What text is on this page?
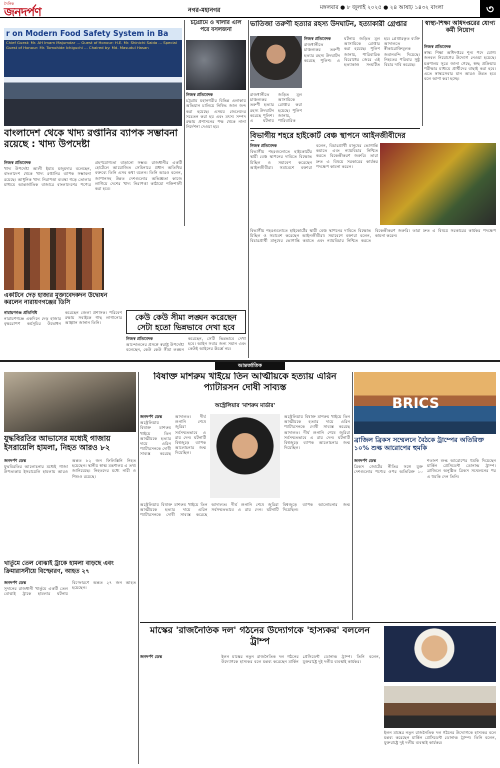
দৈনিক
জনদর্পণ	নগর-মহানগর	মঙ্গলবার ● ৮ জুলাই ২০২৫ ● ২৪ আষাঢ় ১৪৩২ বাংলা	৩
r on Modern Food Safety System in Ba
Chief Guest: Mr. AH Imam Majumdar ... Guest of Honour: H.E. Mr. Shinichi Saida ... Special Guest of Honour: Mr. Tomohide Ichiguchi ... Chaired by: Md. Masudul Hasan
বাংলাদেশ থেকে খাদ্য রপ্তানির ব্যাপক সম্ভাবনা রয়েছে : খাদ্য উপদেষ্টা
নিজস্ব প্রতিবেদক
খাদ্য উপদেষ্টা আলী ইমাম মজুমদার বলেছেন, বাংলাদেশ থেকে খাদ্য রপ্তানির ব্যাপক সম্ভাবনা রয়েছে। আধুনিক খাদ্য নিরাপত্তা ব্যবস্থা গড়ে তোলার মাধ্যমে আন্তর্জাতিক বাজারে বাংলাদেশের পণ্যের গ্রহণযোগ্যতা বাড়ানো সম্ভব। রাজধানীর একটি হোটেলে আয়োজিত সেমিনারে প্রধান অতিথির বক্তব্যে তিনি এসব কথা বলেন। তিনি আরও বলেন, জাপানসহ উন্নত দেশগুলোর অভিজ্ঞতা কাজে লাগিয়ে দেশের খাদ্য নিরাপত্তা কাঠামো শক্তিশালী করা হবে।
চট্টগ্রামে ও খালার এলি পরে বসলজনা
নিজস্ব প্রতিবেদক
চট্টগ্রাম মহানগরীর বিভিন্ন এলাকায় অভিযান চালিয়ে নিষিদ্ধ জাল জব্দ করা হয়েছে। এসময় জেলেদের সচেতন করা হয় এবং মৎস্য সম্পদ রক্ষায় প্রশাসনের পক্ষ থেকে নানা নির্দেশনা দেওয়া হয়।
ভাতিজা তরুণী হত্যার রহস্য উদঘাটন, হত্যাকারী গ্রেপ্তার
নিজস্ব প্রতিবেদক
রাজধানীতে চাঞ্চল্যকর তরুণী হত্যার রহস্য উদঘাটন করেছে পুলিশ। এ ঘটনায় জড়িত মূল আসামিকে গ্রেপ্তার করা হয়েছে। পুলিশ জানায়, পারিবারিক বিরোধের জেরে এই হত্যাকাণ্ড সংঘটিত হয়। গ্রেপ্তারকৃত ব্যক্তি আদালতে স্বীকারোক্তিমূলক জবানবন্দি দিয়েছে। নিহতের পরিবার সুষ্ঠু বিচার দাবি করেছে।
রাজধানীতে চাঞ্চল্যকর তরুণী হত্যার রহস্য উদঘাটন করেছে পুলিশ। এ ঘটনায় জড়িত মূল আসামিকে গ্রেপ্তার করা হয়েছে। পুলিশ জানায়, পারিবারিক
স্বাস্থ্য-শিক্ষা অধিদপ্তরের যোগ্য কর্মী নিয়োগ
নিজস্ব প্রতিবেদক
স্বাস্থ্য শিক্ষা অধিদপ্তরে শূন্য পদে যোগ্য জনবল নিয়োগের উদ্যোগ নেওয়া হয়েছে। মন্ত্রণালয় সূত্রে জানা গেছে, স্বচ্ছ প্রক্রিয়ায় পরীক্ষার মাধ্যমে প্রার্থীদের বাছাই করা হবে। এতে স্বাস্থ্যসেবার মান আরও উন্নত হবে বলে আশা করা হচ্ছে।
বিভাগীয় শহরে হাইকোর্ট বেঞ্চ স্থাপনে আইনজীবীদের
নিজস্ব প্রতিবেদক
বিভাগীয় শহরগুলোতে হাইকোর্টের স্থায়ী বেঞ্চ স্থাপনের দাবিতে বিক্ষোভ মিছিল ও সমাবেশ করেছেন আইনজীবীরা। সমাবেশে বক্তারা বলেন, বিচারপ্রার্থী মানুষের ভোগান্তি কমাতে এবং ন্যায়বিচার নিশ্চিত করতে বিকেন্দ্রীকরণ জরুরি। তারা দ্রুত এ বিষয়ে সরকারের কার্যকর পদক্ষেপ কামনা করেন।
একটিনে দেড় হাজার মুক্তাবেদকদন উদ্বোধন করলেন নারায়ণগঞ্জের ডিসি
নারায়ণগঞ্জ প্রতিনিধি
নারায়ণগঞ্জে একদিনে দেড় হাজার বৃক্ষরোপণ কর্মসূচির উদ্বোধন করেছেন জেলা প্রশাসক। পরিবেশ রক্ষায় সবাইকে গাছ লাগানোর আহ্বান জানান তিনি।
কেউ কেউ সীমা লঙ্ঘন করেছেন সেটা হতো ভিন্নভাবে দেখা হবে
নিজস্ব প্রতিবেদক
আন্দোলনের প্রসঙ্গে স্বরাষ্ট্র উপদেষ্টা বলেছেন, কেউ কেউ সীমা লঙ্ঘন করেছেন, সেটি ভিন্নভাবে দেখা হবে। আইন সবার জন্য সমান এবং কেউই আইনের ঊর্ধ্বে নয়।
বিভাগীয় শহরগুলোতে হাইকোর্টের স্থায়ী বেঞ্চ স্থাপনের দাবিতে বিক্ষোভ মিছিল ও সমাবেশ করেছেন আইনজীবীরা। সমাবেশে বক্তারা বলেন, বিচারপ্রার্থী মানুষের ভোগান্তি কমাতে এবং ন্যায়বিচার নিশ্চিত করতে বিকেন্দ্রীকরণ জরুরি। তারা দ্রুত এ বিষয়ে সরকারের কার্যকর পদক্ষেপ কামনা করেন।
আন্তর্জাতিক
বিষাক্ত মাশরুম খাইয়ে তিন আত্মীয়কে হত্যায় এরিন প্যাটারসন দোষী সাব্যস্ত
অস্ট্রেলিয়ার 'মাশরুম মার্ডার'
জনদর্পণ ডেস্ক
অস্ট্রেলিয়ায় বিষাক্ত মাশরুম খাইয়ে তিন আত্মীয়কে হত্যার দায়ে এরিন প্যাটারসনকে দোষী সাব্যস্ত করেছে আদালত। দীর্ঘ শুনানি শেষে জুরিরা সর্বসম্মতভাবে এ রায় দেন। ঘটনাটি বিশ্বজুড়ে ব্যাপক আলোচনার জন্ম দিয়েছিল।
অস্ট্রেলিয়ায় বিষাক্ত মাশরুম খাইয়ে তিন আত্মীয়কে হত্যার দায়ে এরিন প্যাটারসনকে দোষী সাব্যস্ত করেছে আদালত। দীর্ঘ শুনানি শেষে জুরিরা সর্বসম্মতভাবে এ রায় দেন। ঘটনাটি বিশ্বজুড়ে ব্যাপক আলোচনার জন্ম দিয়েছিল।
অস্ট্রেলিয়ায় বিষাক্ত মাশরুম খাইয়ে তিন আত্মীয়কে হত্যার দায়ে এরিন প্যাটারসনকে দোষী সাব্যস্ত করেছে আদালত। দীর্ঘ শুনানি শেষে জুরিরা সর্বসম্মতভাবে এ রায় দেন। ঘটনাটি বিশ্বজুড়ে ব্যাপক আলোচনার জন্ম দিয়েছিল।
BRICS
ব্রাজিল ব্রিকস সম্মেলনে বৈঠকে ট্রাম্পের অতিরিক্ত ১০% শুল্ক আরোপের হুমকি
জনদর্পণ ডেস্ক
ব্রিকস জোটের নীতির সঙ্গে যুক্ত দেশগুলোর পণ্যের ওপর অতিরিক্ত ১০ শতাংশ শুল্ক আরোপের হুমকি দিয়েছেন মার্কিন প্রেসিডেন্ট ডোনাল্ড ট্রাম্প। ব্রাজিলে অনুষ্ঠিত ব্রিকস সম্মেলনের পর এ হুমকি দেন তিনি।
যুদ্ধবিরতির আভাসের মধ্যেই গাজায় ইসরায়েলি হামলা, নিহত আরও ৮২
জনদর্পণ ডেস্ক
যুদ্ধবিরতির আলোচনার মধ্যেই গাজা উপত্যকায় ইসরায়েলি হামলায় আরও অন্তত ৮২ জন ফিলিস্তিনি নিহত হয়েছেন। স্থানীয় স্বাস্থ্য মন্ত্রণালয় এ তথ্য জানিয়েছে। নিহতদের মধ্যে নারী ও শিশুও রয়েছে।
খার্তুমে তেল বোঝাই ট্রাকে হামলা বাড়ছে এবং ক্রিমারাসনীয়ে বিস্ফোরণ, আহত ২৭
জনদর্পণ ডেস্ক
সুদানের রাজধানী খার্তুমে একটি তেল বোঝাই ট্রাকে হামলার ঘটনায় বিস্ফোরণে অন্তত ২৭ জন আহত হয়েছেন।
মাস্কের 'রাজনৈতিক দল' গঠনের উদ্যোগকে 'হাস্যকর' বললেন ট্রাম্প
জনদর্পণ ডেস্ক	ইলন মাস্কের নতুন রাজনৈতিক দল গঠনের উদ্যোগকে হাস্যকর বলে মন্তব্য করেছেন মার্কিন প্রেসিডেন্ট ডোনাল্ড ট্রাম্প। তিনি বলেন, যুক্তরাষ্ট্রে দুই দলীয় ব্যবস্থাই কার্যকর।
ইলন মাস্কের নতুন রাজনৈতিক দল গঠনের উদ্যোগকে হাস্যকর বলে মন্তব্য করেছেন মার্কিন প্রেসিডেন্ট ডোনাল্ড ট্রাম্প। তিনি বলেন, যুক্তরাষ্ট্রে দুই দলীয় ব্যবস্থাই কার্যকর।
